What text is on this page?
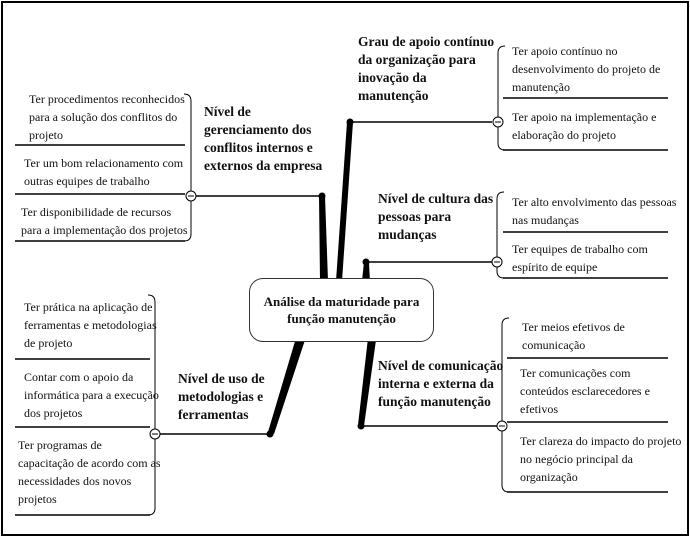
Análise da maturidade para
função manutenção
Nível de
gerenciamento dos
conflitos internos e
externos da empresa
Ter procedimentos reconhecidos
para a solução dos conflitos do
projeto
Ter um bom relacionamento com
outras equipes de trabalho
Ter disponibilidade de recursos
para a implementação dos projetos
Grau de apoio contínuo
da organização para
inovação da
manutenção
Ter apoio contínuo no
desenvolvimento do projeto de
manutenção
Ter apoio na implementação e
elaboração do projeto
Nível de cultura das
pessoas para
mudanças
Ter alto envolvimento das pessoas
nas mudanças
Ter equipes de trabalho com
espírito de equipe
Nível de uso de
metodologias e
ferramentas
Ter prática na aplicação de
ferramentas e metodologias
de projeto
Contar com o apoio da
informática para a execução
dos projetos
Ter programas de
capacitação de acordo com as
necessidades dos novos
projetos
Nível de comunicação
interna e externa da
função manutenção
Ter meios efetivos de
comunicação
Ter comunicações com
conteúdos esclarecedores e
efetivos
Ter clareza do impacto do projeto
no negócio principal da
organização
